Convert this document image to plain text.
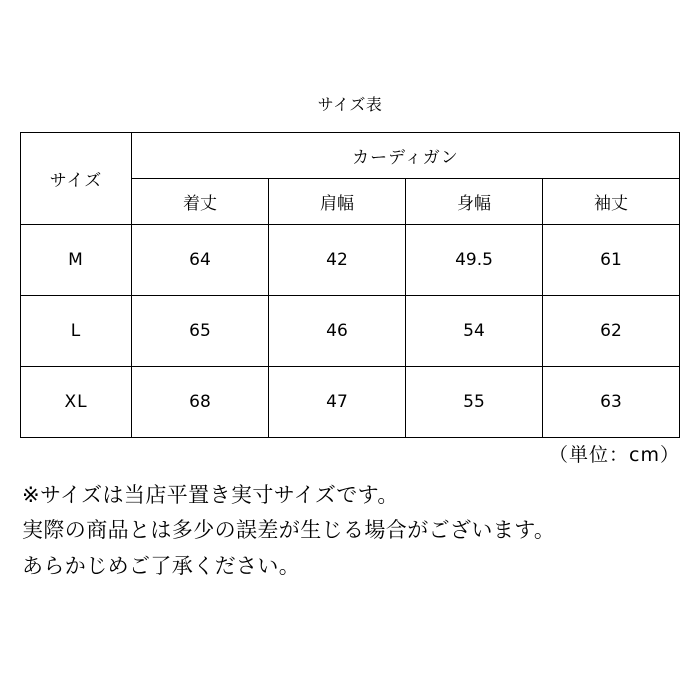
サイズ表
サイズ	カーディガン			
	着丈	肩幅	身幅	袖丈
M	64	42	49.5	61
L	65	46	54	62
XL	68	47	55	63
（単位：cm）
※サイズは当店平置き実寸サイズです。
実際の商品とは多少の誤差が生じる場合がございます。
あらかじめご了承ください。
